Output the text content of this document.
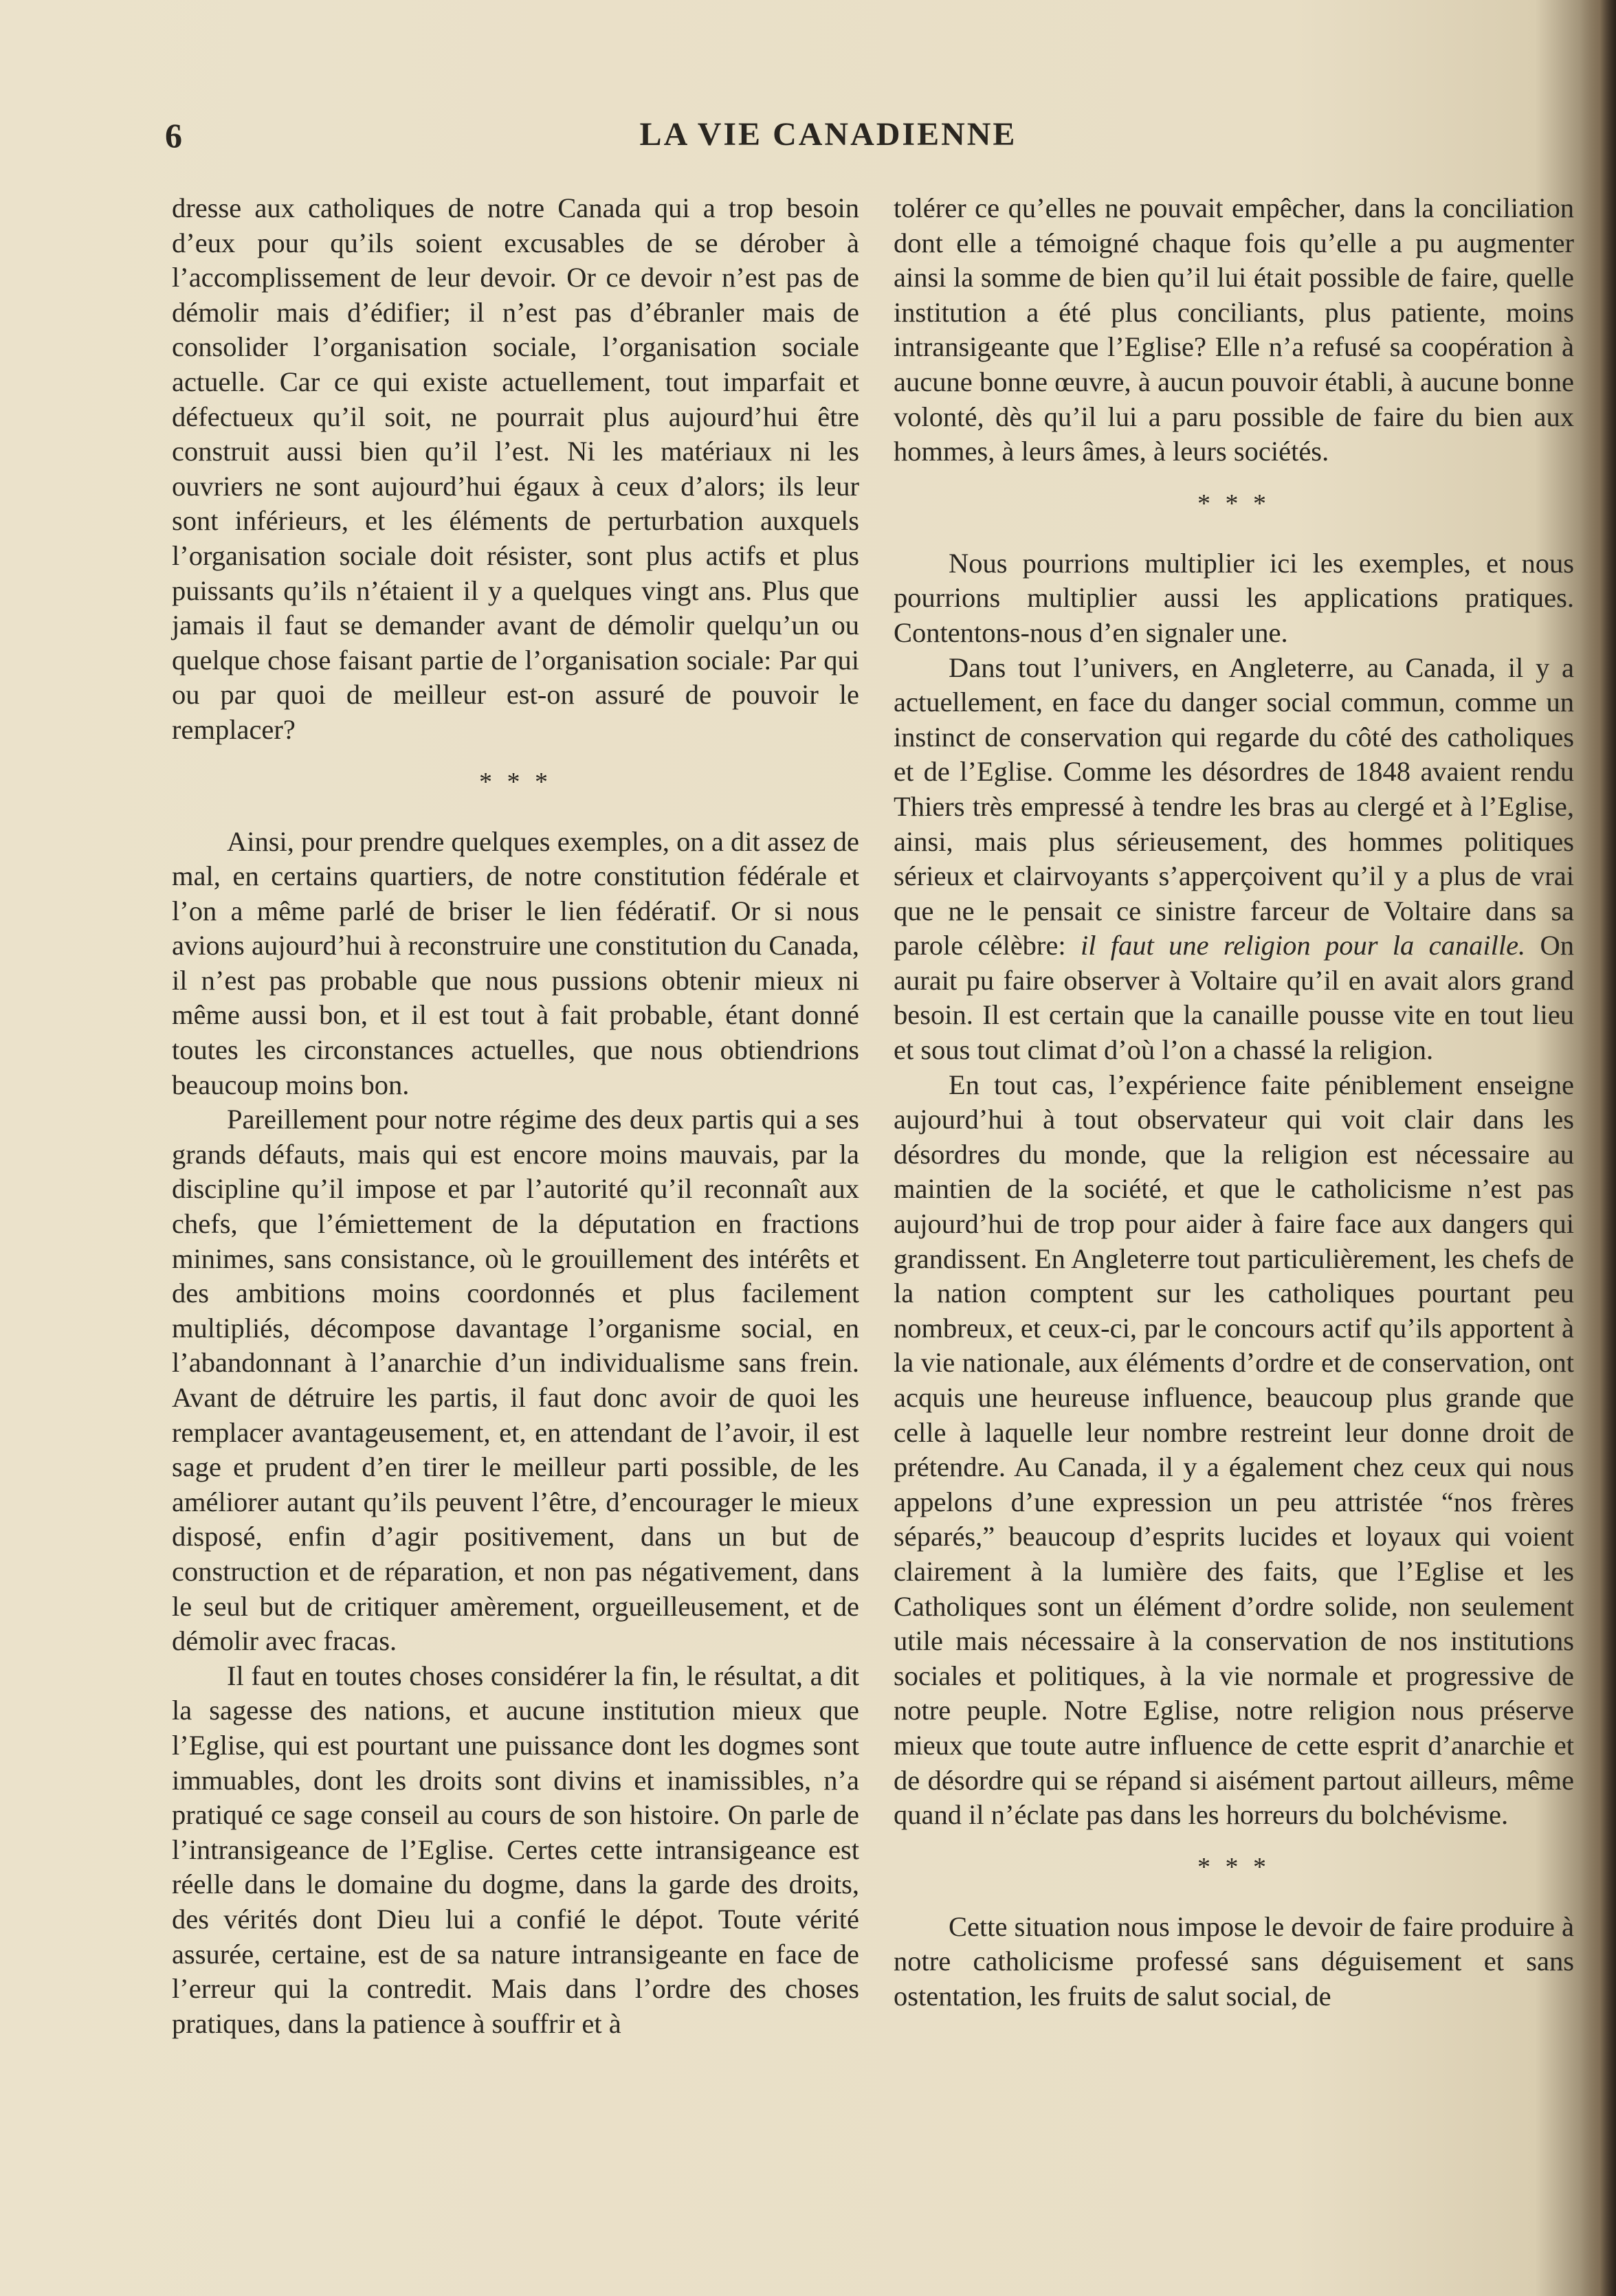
6	LA VIE CANADIENNE

dresse aux catholiques de notre Canada qui a trop besoin d’eux pour qu’ils soient excusables de se dérober à l’accomplissement de leur devoir. Or ce devoir n’est pas de démolir mais d’édifier; il n’est pas d’ébranler mais de consolider l’organisation sociale, l’organisation sociale actuelle. Car ce qui existe actuellement, tout imparfait et défectueux qu’il soit, ne pourrait plus aujourd’hui être construit aussi bien qu’il l’est. Ni les matériaux ni les ouvriers ne sont aujourd’hui égaux à ceux d’alors; ils leur sont inférieurs, et les éléments de perturbation auxquels l’organisation sociale doit résister, sont plus actifs et plus puissants qu’ils n’étaient il y a quelques vingt ans. Plus que jamais il faut se demander avant de démolir quelqu’un ou quelque chose faisant partie de l’organisation sociale: Par qui ou par quoi de meilleur est-on assuré de pouvoir le remplacer?

* * *

Ainsi, pour prendre quelques exemples, on a dit assez de mal, en certains quartiers, de notre constitution fédérale et l’on a même parlé de briser le lien fédératif. Or si nous avions aujourd’hui à reconstruire une constitution du Canada, il n’est pas probable que nous pussions obtenir mieux ni même aussi bon, et il est tout à fait probable, étant donné toutes les circonstances actuelles, que nous obtiendrions beaucoup moins bon.

Pareillement pour notre régime des deux partis qui a ses grands défauts, mais qui est encore moins mauvais, par la discipline qu’il impose et par l’autorité qu’il reconnaît aux chefs, que l’émiettement de la députation en fractions minimes, sans consistance, où le grouillement des intérêts et des ambitions moins coordonnés et plus facilement multipliés, décompose davantage l’organisme social, en l’abandonnant à l’anarchie d’un individualisme sans frein. Avant de détruire les partis, il faut donc avoir de quoi les remplacer avantageusement, et, en attendant de l’avoir, il est sage et prudent d’en tirer le meilleur parti possible, de les améliorer autant qu’ils peuvent l’être, d’encourager le mieux disposé, enfin d’agir positivement, dans un but de construction et de réparation, et non pas négativement, dans le seul but de critiquer amèrement, orgueilleusement, et de démolir avec fracas.

Il faut en toutes choses considérer la fin, le résultat, a dit la sagesse des nations, et aucune institution mieux que l’Eglise, qui est pourtant une puissance dont les dogmes sont immuables, dont les droits sont divins et inamissibles, n’a pratiqué ce sage conseil au cours de son histoire. On parle de l’intransigeance de l’Eglise. Certes cette intransigeance est réelle dans le domaine du dogme, dans la garde des droits, des vérités dont Dieu lui a confié le dépot. Toute vérité assurée, certaine, est de sa nature intransigeante en face de l’erreur qui la contredit. Mais dans l’ordre des choses pratiques, dans la patience à souffrir et à

tolérer ce qu’elles ne pouvait empêcher, dans la conciliation dont elle a témoigné chaque fois qu’elle a pu augmenter ainsi la somme de bien qu’il lui était possible de faire, quelle institution a été plus conciliants, plus patiente, moins intransigeante que l’Eglise? Elle n’a refusé sa coopération à aucune bonne œuvre, à aucun pouvoir établi, à aucune bonne volonté, dès qu’il lui a paru possible de faire du bien aux hommes, à leurs âmes, à leurs sociétés.

* * *

Nous pourrions multiplier ici les exemples, et nous pourrions multiplier aussi les applications pratiques. Contentons-nous d’en signaler une.

Dans tout l’univers, en Angleterre, au Canada, il y a actuellement, en face du danger social commun, comme un instinct de conservation qui regarde du côté des catholiques et de l’Eglise. Comme les désordres de 1848 avaient rendu Thiers très empressé à tendre les bras au clergé et à l’Eglise, ainsi, mais plus sérieusement, des hommes politiques sérieux et clairvoyants s’apperçoivent qu’il y a plus de vrai que ne le pensait ce sinistre farceur de Voltaire dans sa parole célèbre: il faut une religion pour la canaille. On aurait pu faire observer à Voltaire qu’il en avait alors grand besoin. Il est certain que la canaille pousse vite en tout lieu et sous tout climat d’où l’on a chassé la religion.

En tout cas, l’expérience faite péniblement enseigne aujourd’hui à tout observateur qui voit clair dans les désordres du monde, que la religion est nécessaire au maintien de la société, et que le catholicisme n’est pas aujourd’hui de trop pour aider à faire face aux dangers qui grandissent. En Angleterre tout particulièrement, les chefs de la nation comptent sur les catholiques pourtant peu nombreux, et ceux-ci, par le concours actif qu’ils apportent à la vie nationale, aux éléments d’ordre et de conservation, ont acquis une heureuse influence, beaucoup plus grande que celle à laquelle leur nombre restreint leur donne droit de prétendre. Au Canada, il y a également chez ceux qui nous appelons d’une expression un peu attristée “nos frères séparés,” beaucoup d’esprits lucides et loyaux qui voient clairement à la lumière des faits, que l’Eglise et les Catholiques sont un élément d’ordre solide, non seulement utile mais nécessaire à la conservation de nos institutions sociales et politiques, à la vie normale et progressive de notre peuple. Notre Eglise, notre religion nous préserve mieux que toute autre influence de cette esprit d’anarchie et de désordre qui se répand si aisément partout ailleurs, même quand il n’éclate pas dans les horreurs du bolchévisme.

* * *

Cette situation nous impose le devoir de faire produire à notre catholicisme professé sans déguisement et sans ostentation, les fruits de salut social, de
